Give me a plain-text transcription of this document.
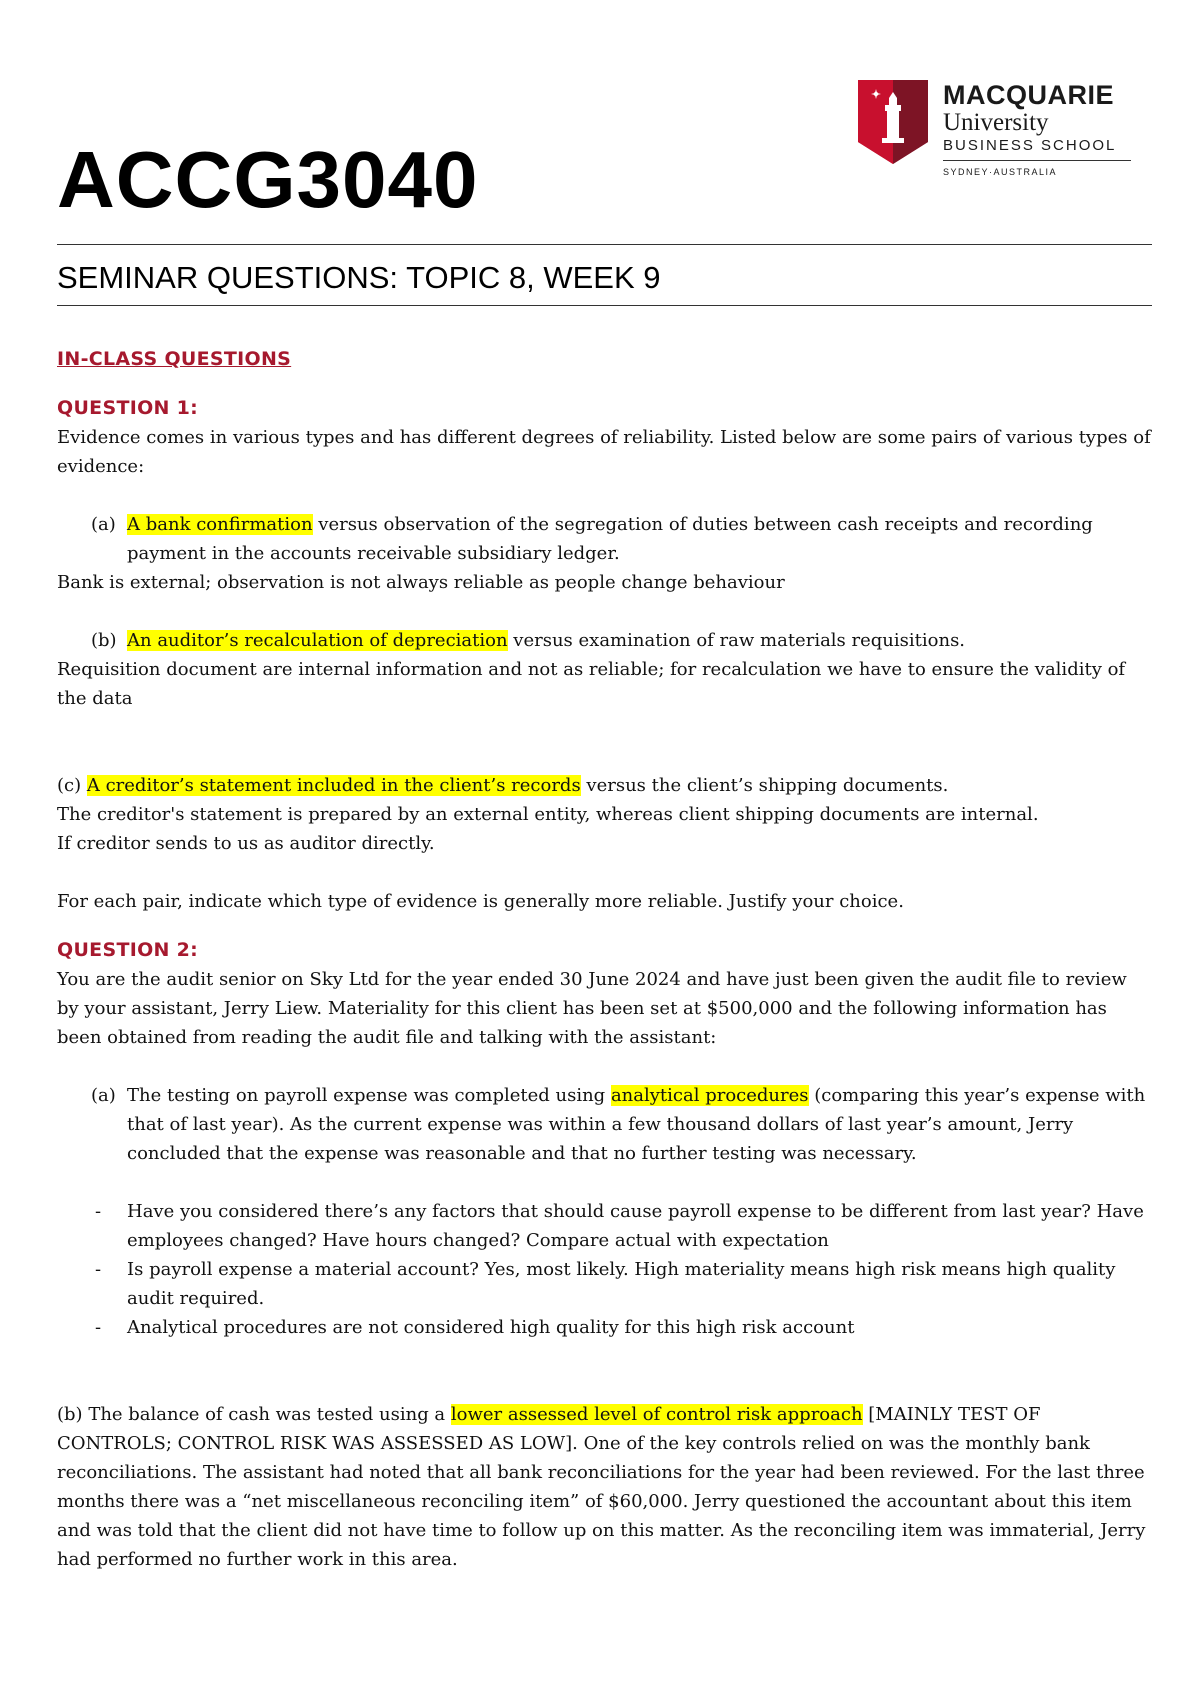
ACCG3040
MACQUARIE
University
BUSINESS SCHOOL
SYDNEY·AUSTRALIA
SEMINAR QUESTIONS: TOPIC 8, WEEK 9

IN-CLASS QUESTIONS

QUESTION 1:

Evidence comes in various types and has different degrees of reliability. Listed below are some pairs of various types of evidence:

(a) A bank confirmation versus observation of the segregation of duties between cash receipts and recording payment in the accounts receivable subsidiary ledger.

Bank is external; observation is not always reliable as people change behaviour

(b) An auditor’s recalculation of depreciation versus examination of raw materials requisitions.

Requisition document are internal information and not as reliable; for recalculation we have to ensure the validity of the data

(c) A creditor’s statement included in the client’s records versus the client’s shipping documents.

The creditor's statement is prepared by an external entity, whereas client shipping documents are internal.

If creditor sends to us as auditor directly.

For each pair, indicate which type of evidence is generally more reliable. Justify your choice.

QUESTION 2:

You are the audit senior on Sky Ltd for the year ended 30 June 2024 and have just been given the audit file to review by your assistant, Jerry Liew. Materiality for this client has been set at $500,000 and the following information has been obtained from reading the audit file and talking with the assistant:

(a) The testing on payroll expense was completed using analytical procedures (comparing this year’s expense with that of last year). As the current expense was within a few thousand dollars of last year’s amount, Jerry concluded that the expense was reasonable and that no further testing was necessary.
- Have you considered there’s any factors that should cause payroll expense to be different from last year? Have employees changed? Have hours changed? Compare actual with expectation
- Is payroll expense a material account? Yes, most likely. High materiality means high risk means high quality audit required.
- Analytical procedures are not considered high quality for this high risk account

(b) The balance of cash was tested using a lower assessed level of control risk approach [MAINLY TEST OF CONTROLS; CONTROL RISK WAS ASSESSED AS LOW]. One of the key controls relied on was the monthly bank reconciliations. The assistant had noted that all bank reconciliations for the year had been reviewed. For the last three months there was a “net miscellaneous reconciling item” of $60,000. Jerry questioned the accountant about this item and was told that the client did not have time to follow up on this matter. As the reconciling item was immaterial, Jerry had performed no further work in this area.
